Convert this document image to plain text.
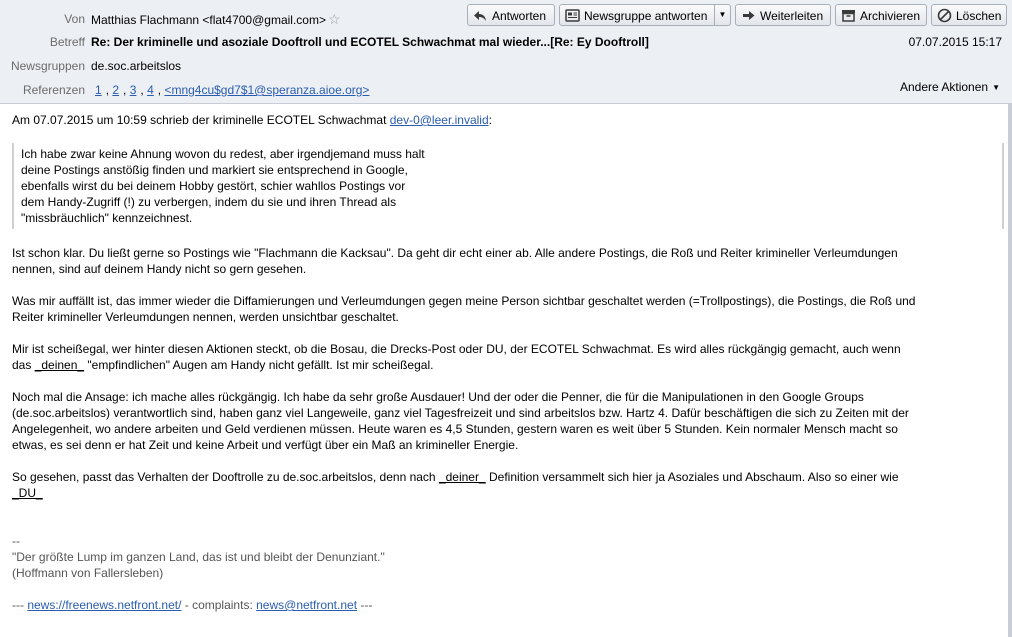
Von Matthias Flachmann <flat4700@gmail.com> ☆
Betreff Re: Der kriminelle und asoziale Dooftroll und ECOTEL Schwachmat mal wieder...[Re: Ey Dooftroll]	07.07.2015 15:17
Newsgruppen de.soc.arbeitslos
Referenzen 1 , 2 , 3 , 4 , <mng4cu$gd7$1@speranza.aioe.org>	Andere Aktionen ▼
Antworten	Newsgruppe antworten	▼	Weiterleiten	Archivieren	Löschen
Am 07.07.2015 um 10:59 schrieb der kriminelle ECOTEL Schwachmat dev-0@leer.invalid:
Ich habe zwar keine Ahnung wovon du redest, aber irgendjemand muss halt
deine Postings anstößig finden und markiert sie entsprechend in Google,
ebenfalls wirst du bei deinem Hobby gestört, schier wahllos Postings vor
dem Handy-Zugriff (!) zu verbergen, indem du sie und ihren Thread als
"missbräuchlich" kennzeichnest.
Ist schon klar. Du ließt gerne so Postings wie "Flachmann die Kacksau". Da geht dir echt einer ab. Alle andere Postings, die Roß und Reiter krimineller Verleumdungen
nennen, sind auf deinem Handy nicht so gern gesehen.
Was mir auffällt ist, das immer wieder die Diffamierungen und Verleumdungen gegen meine Person sichtbar geschaltet werden (=Trollpostings), die Postings, die Roß und
Reiter krimineller Verleumdungen nennen, werden unsichtbar geschaltet.
Mir ist scheißegal, wer hinter diesen Aktionen steckt, ob die Bosau, die Drecks-Post oder DU, der ECOTEL Schwachmat. Es wird alles rückgängig gemacht, auch wenn
das _deinen_ "empfindlichen" Augen am Handy nicht gefällt. Ist mir scheißegal.
Noch mal die Ansage: ich mache alles rückgängig. Ich habe da sehr große Ausdauer! Und der oder die Penner, die für die Manipulationen in den Google Groups
(de.soc.arbeitslos) verantwortlich sind, haben ganz viel Langeweile, ganz viel Tagesfreizeit und sind arbeitslos bzw. Hartz 4. Dafür beschäftigen die sich zu Zeiten mit der
Angelegenheit, wo andere arbeiten und Geld verdienen müssen. Heute waren es 4,5 Stunden, gestern waren es weit über 5 Stunden. Kein normaler Mensch macht so
etwas, es sei denn er hat Zeit und keine Arbeit und verfügt über ein Maß an krimineller Energie.
So gesehen, passt das Verhalten der Dooftrolle zu de.soc.arbeitslos, denn nach _deiner_ Definition versammelt sich hier ja Asoziales und Abschaum. Also so einer wie
_DU_
--
"Der größte Lump im ganzen Land, das ist und bleibt der Denunziant."
(Hoffmann von Fallersleben)
--- news://freenews.netfront.net/ - complaints: news@netfront.net ---
